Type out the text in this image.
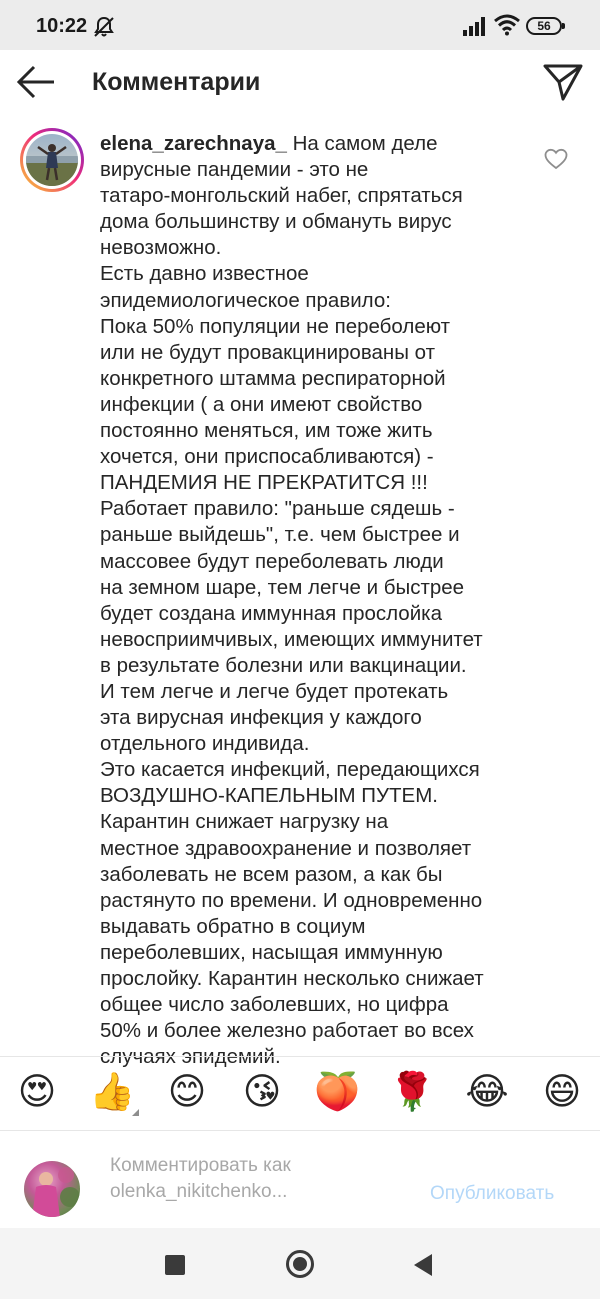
10:22	56
Комментарии
elena_zarechnaya_ На самом деле
вирусные пандемии - это не
татаро-монгольский набег, спрятаться
дома большинству и обмануть вирус
невозможно.
Есть давно известное
эпидемиологическое правило:
Пока 50% популяции не переболеют
или не будут провакцинированы от
конкретного штамма респираторной
инфекции ( а они имеют свойство
постоянно меняться, им тоже жить
хочется, они приспосабливаются) -
ПАНДЕМИЯ НЕ ПРЕКРАТИТСЯ !!!
Работает правило: "раньше сядешь -
раньше выйдешь", т.е. чем быстрее и
массовее будут переболевать люди
на земном шаре, тем легче и быстрее
будет создана иммунная прослойка
невосприимчивых, имеющих иммунитет
в результате болезни или вакцинации.
И тем легче и легче будет протекать
эта вирусная инфекция у каждого
отдельного индивида.
Это касается инфекций, передающихся
ВОЗДУШНО-КАПЕЛЬНЫМ ПУТЕМ.
Карантин снижает нагрузку на
местное здравоохранение и позволяет
заболевать не всем разом, а как бы
растянуто по времени. И одновременно
выдавать обратно в социум
переболевших, насыщая иммунную
прослойку. Карантин несколько снижает
общее число заболевших, но цифра
50% и более железно работает во всех
случаях эпидемий.
😍 👍 😊 😘 🍑 🌹 😂 😄
Комментировать как
olenka_nikitchenko...	Опубликовать
